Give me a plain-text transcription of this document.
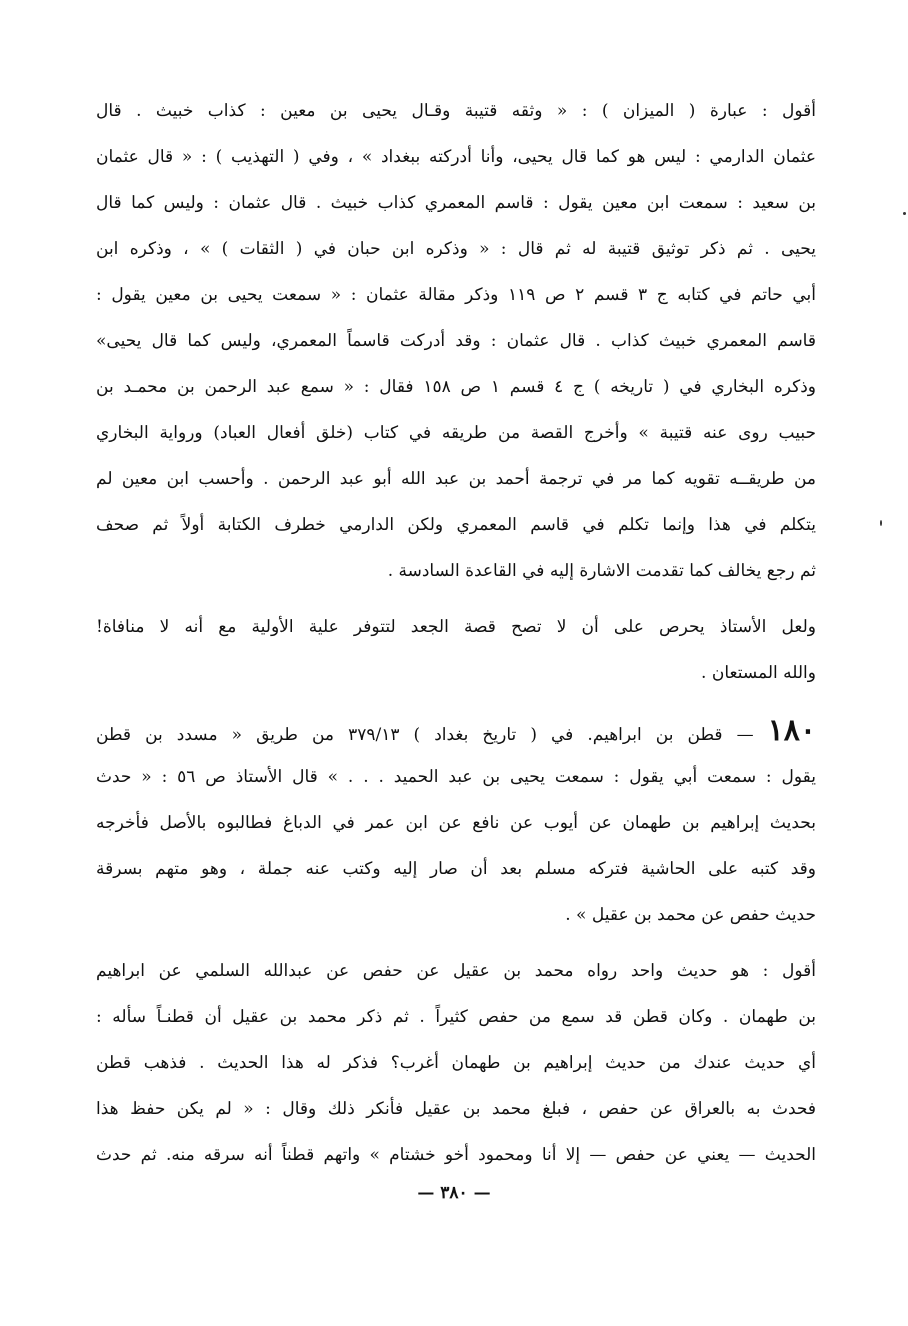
أقول : عبارة ( الميزان ) : « وثقه قتيبة وقـال يحيى بن معين : كذاب خبيث . قال
عثمان الدارمي : ليس هو كما قال يحيى، وأنا أدركته ببغداد » ، وفي ( التهذيب ) : « قال عثمان
بن سعيد : سمعت ابن معين يقول : قاسم المعمري كذاب خبيث . قال عثمان : وليس كما قال
يحيى . ثم ذكر توثيق قتيبة له ثم قال : « وذكره ابن حبان في ( الثقات ) » ، وذكره ابن
أبي حاتم في كتابه ج ٣ قسم ٢ ص ١١٩ وذكر مقالة عثمان : « سمعت يحيى بن معين يقول :
قاسم المعمري خبيث كذاب . قال عثمان : وقد أدركت قاسماً المعمري، وليس كما قال يحيى»
وذكره البخاري في ( تاريخه ) ج ٤ قسم ١ ص ١٥٨ فقال : « سمع عبد الرحمن بن محمـد بن
حبيب روى عنه قتيبة » وأخرج القصة من طريقه في كتاب (خلق أفعال العباد) ورواية البخاري
من طريقــه تقويه كما مر في ترجمة أحمد بن عبد الله أبو عبد الرحمن . وأحسب ابن معين لم
يتكلم في هذا وإنما تكلم في قاسم المعمري ولكن الدارمي خطرف الكتابة أولاً ثم صحف
ثم رجع يخالف كما تقدمت الاشارة إليه في القاعدة السادسة .
ولعل الأستاذ يحرص على أن لا تصح قصة الجعد لتتوفر علية الأولية مع أنه لا منافاة!
والله المستعان .
١٨٠ — قطن بن ابراهيم. في ( تاريخ بغداد ) ٣٧٩/١٣ من طريق « مسدد بن قطن
يقول : سمعت أبي يقول : سمعت يحيى بن عبد الحميد . . . » قال الأستاذ ص ٥٦ : « حدث
بحديث إبراهيم بن طهمان عن أيوب عن نافع عن ابن عمر في الدباغ فطالبوه بالأصل فأخرجه
وقد كتبه على الحاشية فتركه مسلم بعد أن صار إليه وكتب عنه جملة ، وهو متهم بسرقة
حديث حفص عن محمد بن عقيل » .
أقول : هو حديث واحد رواه محمد بن عقيل عن حفص عن عبدالله السلمي عن ابراهيم
بن طهمان . وكان قطن قد سمع من حفص كثيراً . ثم ذكر محمد بن عقيل أن قطنـاً سأله :
أي حديث عندك من حديث إبراهيم بن طهمان أغرب؟ فذكر له هذا الحديث . فذهب قطن
فحدث به بالعراق عن حفص ، فبلغ محمد بن عقيل فأنكر ذلك وقال : « لم يكن حفظ هذا
الحديث — يعني عن حفص — إلا أنا ومحمود أخو خشتام » واتهم قطناً أنه سرقه منه. ثم حدث
— ٣٨٠ —
